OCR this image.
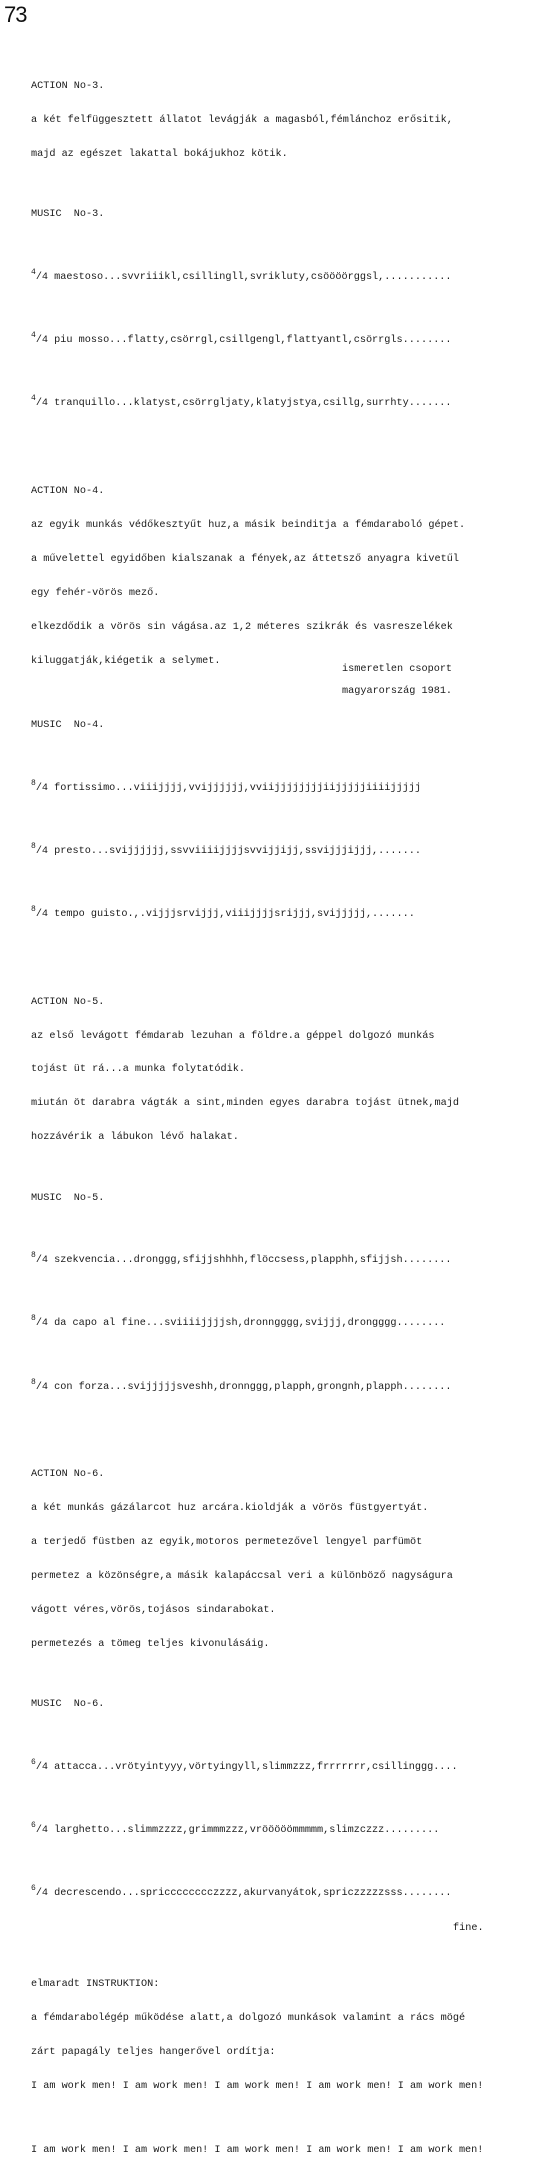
73

ACTION No-3.

a két felfüggesztett állatot levágják a magasból,fémlánchoz erősitik,

majd az egészet lakattal bokájukhoz kötik.

MUSIC  No-3.

$^4$/4 maestoso...svvriiikl,csillingll,svrikluty,csöööörggsl,...........

$^4$/4 piu mosso...flatty,csörrgl,csillgengl,flattyantl,csörrgls........

$^4$/4 tranquillo...klatyst,csörrgljaty,klatyjstya,csillg,surrhty.......

ACTION No-4.

az egyik munkás védőkesztyűt huz,a másik beinditja a fémdaraboló gépet.

a művelettel egyidőben kialszanak a fények,az áttetsző anyagra kivetűl

egy fehér-vörös mező.

elkezdődik a vörös sin vágása.az 1,2 méteres szikrák és vasreszelékek

kiluggatják,kiégetik a selymet.

MUSIC  No-4.

$^8$/4 fortissimo...viiijjjj,vvijjjjjj,vviijjjjjjjjiijjjjjiiiijjjjj

$^8$/4 presto...svijjjjjj,ssvviiiijjjjsvvijjijj,ssvijjjijjj,.......

$^8$/4 tempo guisto.,.vijjjsrvijjj,viiijjjjsrijjj,svijjjjj,.......

ACTION No-5.

az első levágott fémdarab lezuhan a földre.a géppel dolgozó munkás

tojást üt rá...a munka folytatódik.

miután öt darabra vágták a sint,minden egyes darabra tojást ütnek,majd

hozzávérik a lábukon lévő halakat.

MUSIC  No-5.

$^8$/4 szekvencia...dronggg,sfijjshhhh,flöccsess,plapphh,sfijjsh........

$^8$/4 da capo al fine...sviiiijjjjsh,dronngggg,svijjj,drongggg........

$^8$/4 con forza...svijjjjjsveshh,dronnggg,plapph,grongnh,plapph........

ACTION No-6.

a két munkás gázálarcot huz arcára.kioldják a vörös füstgyertyát.

a terjedő füstben az egyik,motoros permetezővel lengyel parfümöt

permetez a közönségre,a másik kalapáccsal veri a különböző nagyságura

vágott véres,vörös,tojásos sindarabokat.

permetezés a tömeg teljes kivonulásáig.

MUSIC  No-6.

$^6$/4 attacca...vrötyintyyy,vörtyingyll,slimmzzz,frrrrrrr,csillinggg....

$^6$/4 larghetto...slimmzzzz,grimmmzzz,vrööööömmmmm,slimzczzz.........

$^6$/4 decrescendo...spricccccccczzzz,akurvanyátok,spriczzzzzsss........

fine.

elmaradt INSTRUKTION:

a fémdarabolégép működése alatt,a dolgozó munkások valamint a rács mögé

zárt papagály teljes hangerővel ordítja:

I am work men! I am work men! I am work men! I am work men! I am work men!

I am work men! I am work men! I am work men! I am work men! I am work men!

ismeretlen csoport
magyarország 1981.
